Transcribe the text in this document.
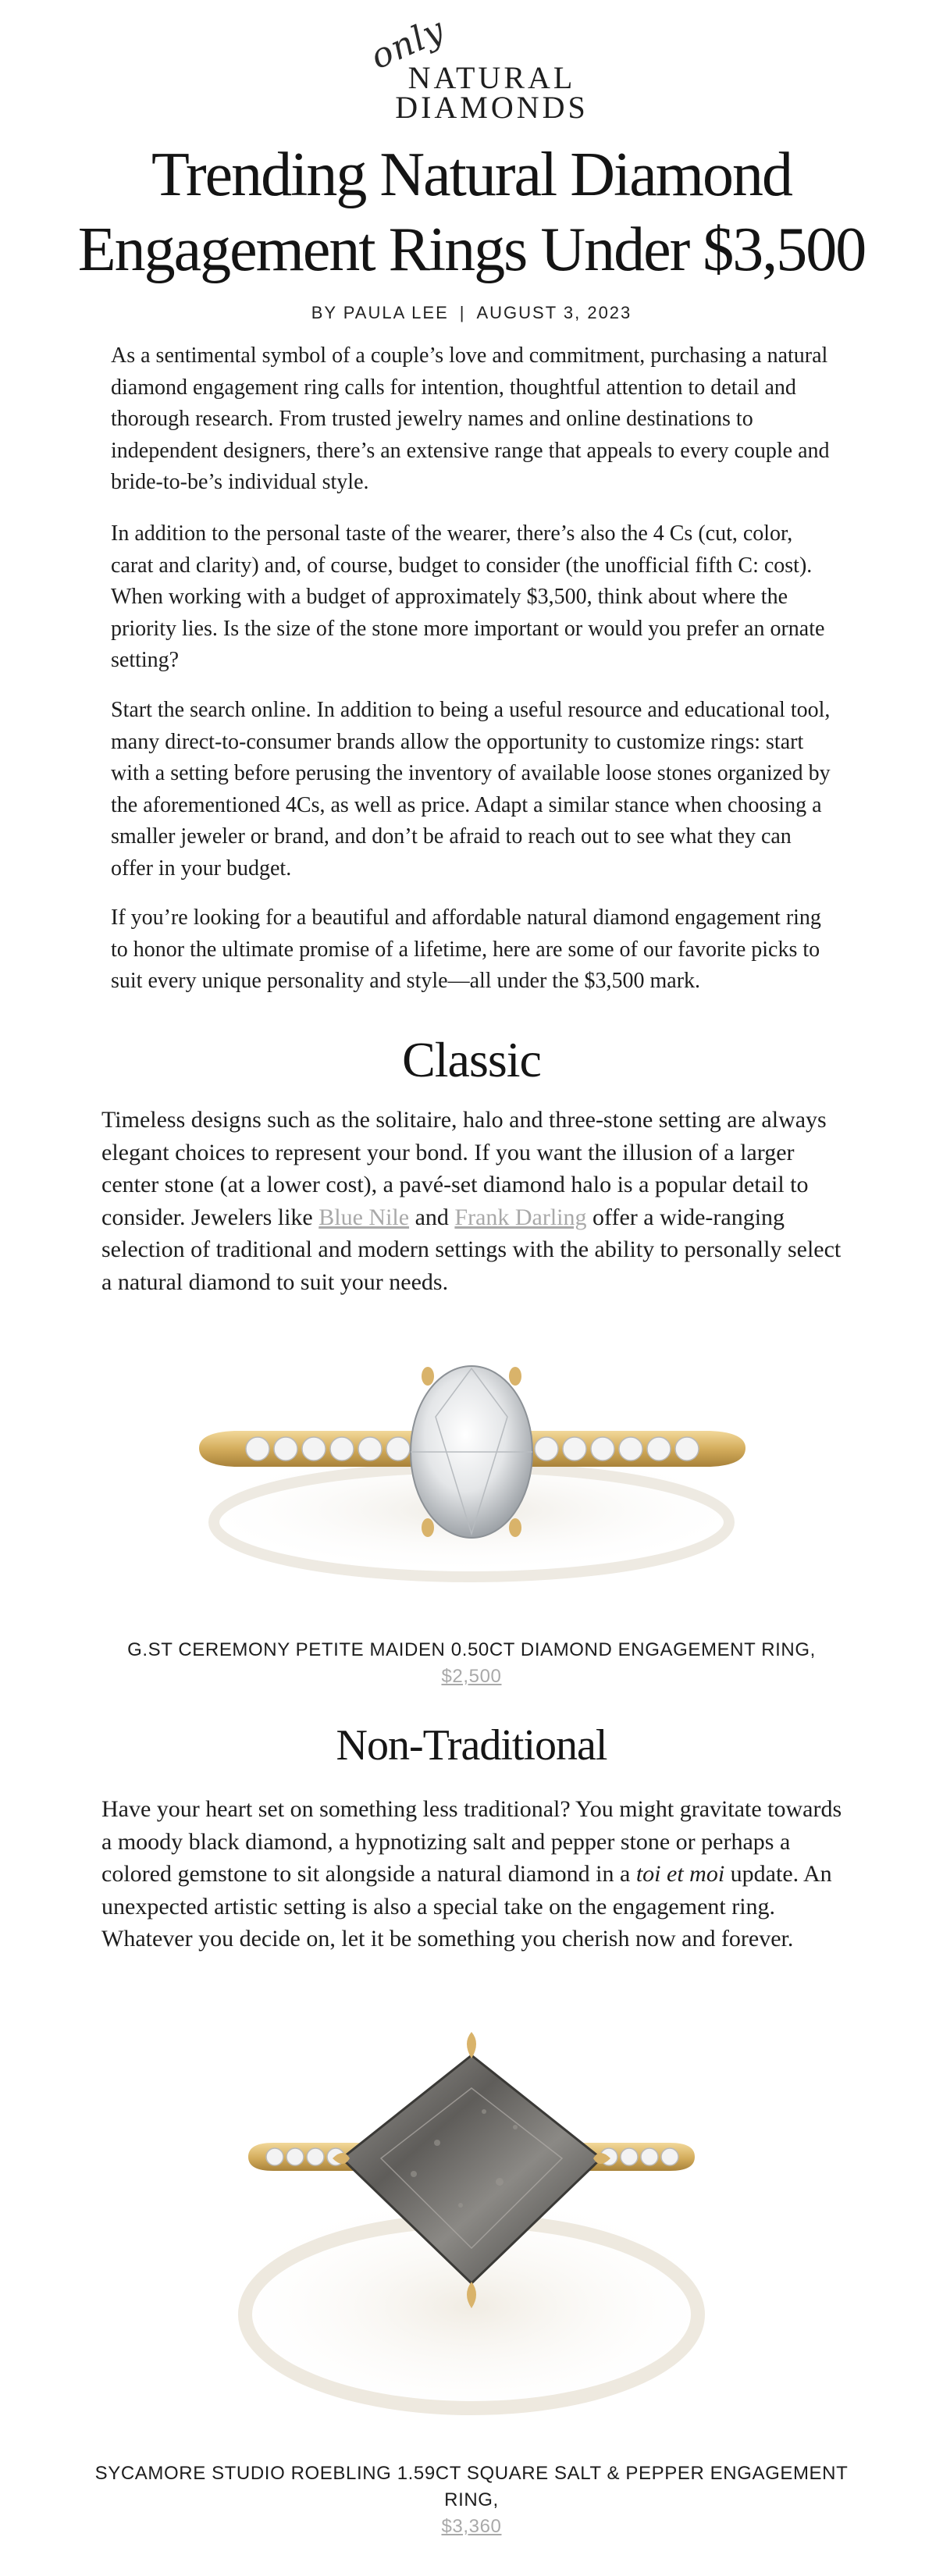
only
NATURAL
DIAMONDS
Trending Natural Diamond Engagement Rings Under $3,500
BY PAULA LEE | AUGUST 3, 2023

As a sentimental symbol of a couple’s love and commitment, purchasing a natural diamond engagement ring calls for intention, thoughtful attention to detail and thorough research. From trusted jewelry names and online destinations to independent designers, there’s an extensive range that appeals to every couple and bride-to-be’s individual style.

In addition to the personal taste of the wearer, there’s also the 4 Cs (cut, color, carat and clarity) and, of course, budget to consider (the unofficial fifth C: cost). When working with a budget of approximately $3,500, think about where the priority lies. Is the size of the stone more important or would you prefer an ornate setting?

Start the search online. In addition to being a useful resource and educational tool, many direct-to-consumer brands allow the opportunity to customize rings: start with a setting before perusing the inventory of available loose stones organized by the aforementioned 4Cs, as well as price. Adapt a similar stance when choosing a smaller jeweler or brand, and don’t be afraid to reach out to see what they can offer in your budget.

If you’re looking for a beautiful and affordable natural diamond engagement ring to honor the ultimate promise of a lifetime, here are some of our favorite picks to suit every unique personality and style—all under the $3,500 mark.

Classic

Timeless designs such as the solitaire, halo and three-stone setting are always elegant choices to represent your bond. If you want the illusion of a larger center stone (at a lower cost), a pavé-set diamond halo is a popular detail to consider. Jewelers like Blue Nile and Frank Darling offer a wide-ranging selection of traditional and modern settings with the ability to personally select a natural diamond to suit your needs.

G.ST CEREMONY PETITE MAIDEN 0.50CT DIAMOND ENGAGEMENT RING,
$2,500
Non-Traditional

Have your heart set on something less traditional? You might gravitate towards a moody black diamond, a hypnotizing salt and pepper stone or perhaps a colored gemstone to sit alongside a natural diamond in a toi et moi update. An unexpected artistic setting is also a special take on the engagement ring. Whatever you decide on, let it be something you cherish now and forever.

SYCAMORE STUDIO ROEBLING 1.59CT SQUARE SALT & PEPPER ENGAGEMENT RING,
$3,360
